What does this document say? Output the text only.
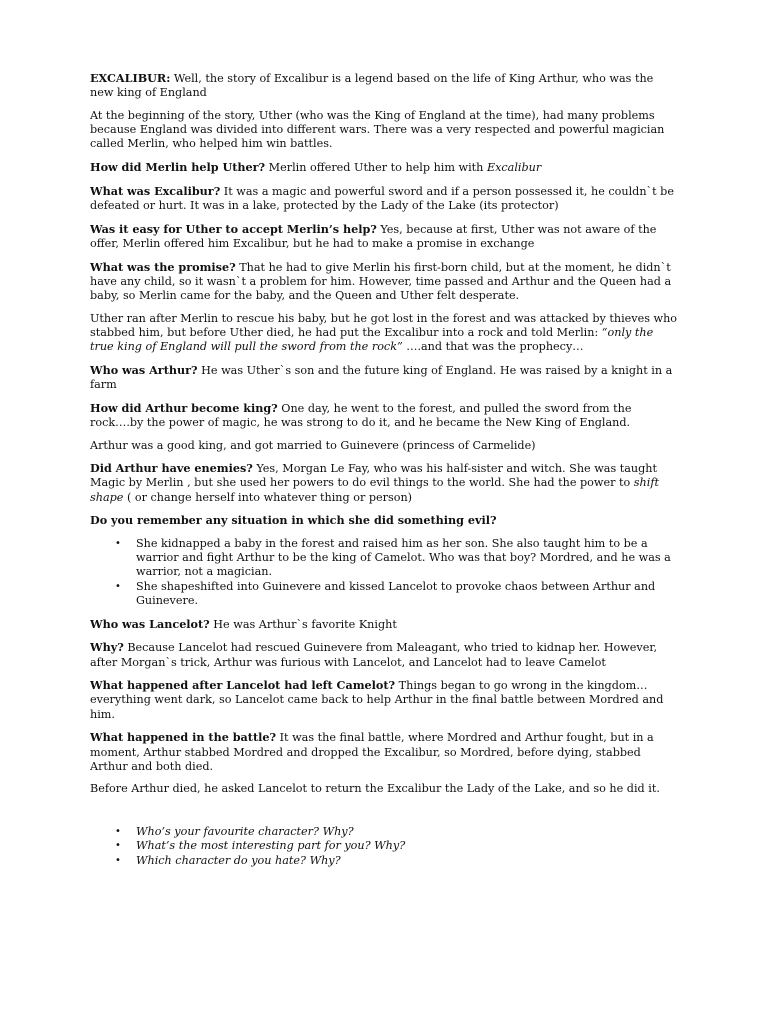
EXCALIBUR: Well, the story of Excalibur is a legend based on the life of King Arthur, who was the new king of England

At the beginning of the story, Uther (who was the King of England at the time), had many problems because England was divided into different wars. There was a very respected and powerful magician called Merlin, who helped him win battles.

How did Merlin help Uther? Merlin offered Uther to help him with Excalibur

What was Excalibur? It was a magic and powerful sword and if a person possessed it, he couldn`t be defeated or hurt. It was in a lake, protected by the Lady of the Lake (its protector)

Was it easy for Uther to accept Merlin’s help? Yes, because at first, Uther was not aware of the offer, Merlin offered him Excalibur, but he had to make a promise in exchange

What was the promise? That he had to give Merlin his first-born child, but at the moment, he didn`t have any child, so it wasn`t a problem for him. However, time passed and Arthur and the Queen had a baby, so Merlin came for the baby, and the Queen and Uther felt desperate.

Uther ran after Merlin to rescue his baby, but he got lost in the forest and was attacked by thieves who stabbed him, but before Uther died, he had put the Excalibur into a rock and told Merlin: “only the true king of England will pull the sword from the rock” ….and that was the prophecy…

Who was Arthur? He was Uther`s son and the future king of England. He was raised by a knight in a farm

How did Arthur become king? One day, he went to the forest, and pulled the sword from the rock….by the power of magic, he was strong to do it, and he became the New King of England.

Arthur was a good king, and got married to Guinevere (princess of Carmelide)

Did Arthur have enemies? Yes, Morgan Le Fay, who was his half-sister and witch. She was taught Magic by Merlin , but she used her powers to do evil things to the world. She had the power to shift shape ( or change herself into whatever thing or person)

Do you remember any situation in which she did something evil?

• She kidnapped a baby in the forest and raised him as her son. She also taught him to be a warrior and fight Arthur to be the king of Camelot. Who was that boy? Mordred, and he was a warrior, not a magician.
• She shapeshifted into Guinevere and kissed Lancelot to provoke chaos between Arthur and Guinevere.

Who was Lancelot? He was Arthur`s favorite Knight

Why? Because Lancelot had rescued Guinevere from Maleagant, who tried to kidnap her. However, after Morgan`s trick, Arthur was furious with Lancelot, and Lancelot had to leave Camelot

What happened after Lancelot had left Camelot? Things began to go wrong in the kingdom…everything went dark, so Lancelot came back to help Arthur in the final battle between Mordred and him.

What happened in the battle? It was the final battle, where Mordred and Arthur fought, but in a moment, Arthur stabbed Mordred and dropped the Excalibur, so Mordred, before dying, stabbed Arthur and both died.

Before Arthur died, he asked Lancelot to return the Excalibur the Lady of the Lake, and so he did it.

• Who’s your favourite character? Why?
• What’s the most interesting part for you? Why?
• Which character do you hate? Why?
